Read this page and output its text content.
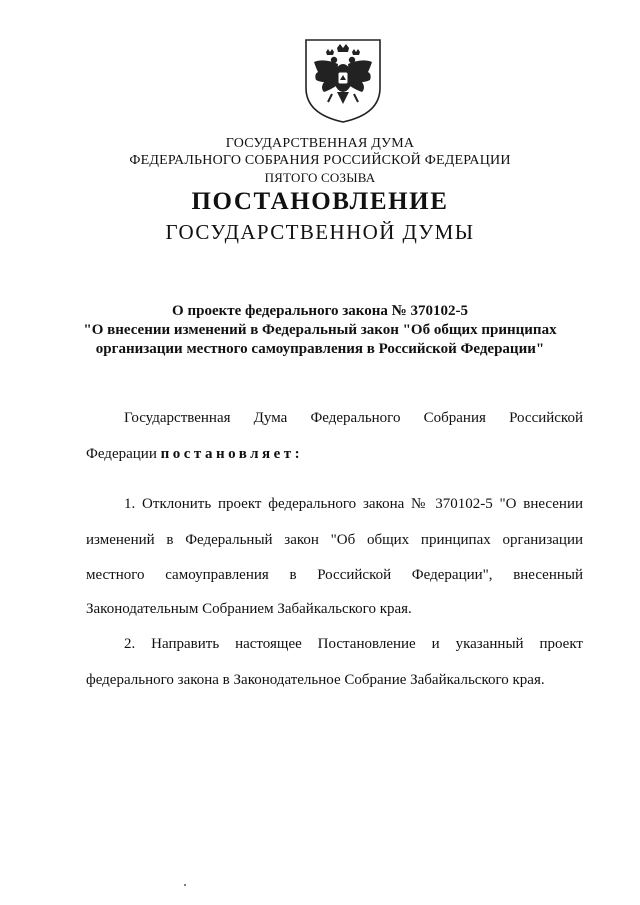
ГОСУДАРСТВЕННАЯ ДУМА
ФЕДЕРАЛЬНОГО СОБРАНИЯ РОССИЙСКОЙ ФЕДЕРАЦИИ
ПЯТОГО СОЗЫВА
ПОСТАНОВЛЕНИЕ
ГОСУДАРСТВЕННОЙ ДУМЫ
О проекте федерального закона № 370102-5
"О внесении изменений в Федеральный закон "Об общих принципах
организации местного самоуправления в Российской Федерации"
Государственная Дума Федерального Собрания Российской
Федерации постановляет:
1. Отклонить проект федерального закона № 370102-5 "О внесении
изменений в Федеральный закон "Об общих принципах организации
местного самоуправления в Российской Федерации", внесенный
Законодательным Собранием Забайкальского края.
2. Направить настоящее Постановление и указанный проект
федерального закона в Законодательное Собрание Забайкальского края.
